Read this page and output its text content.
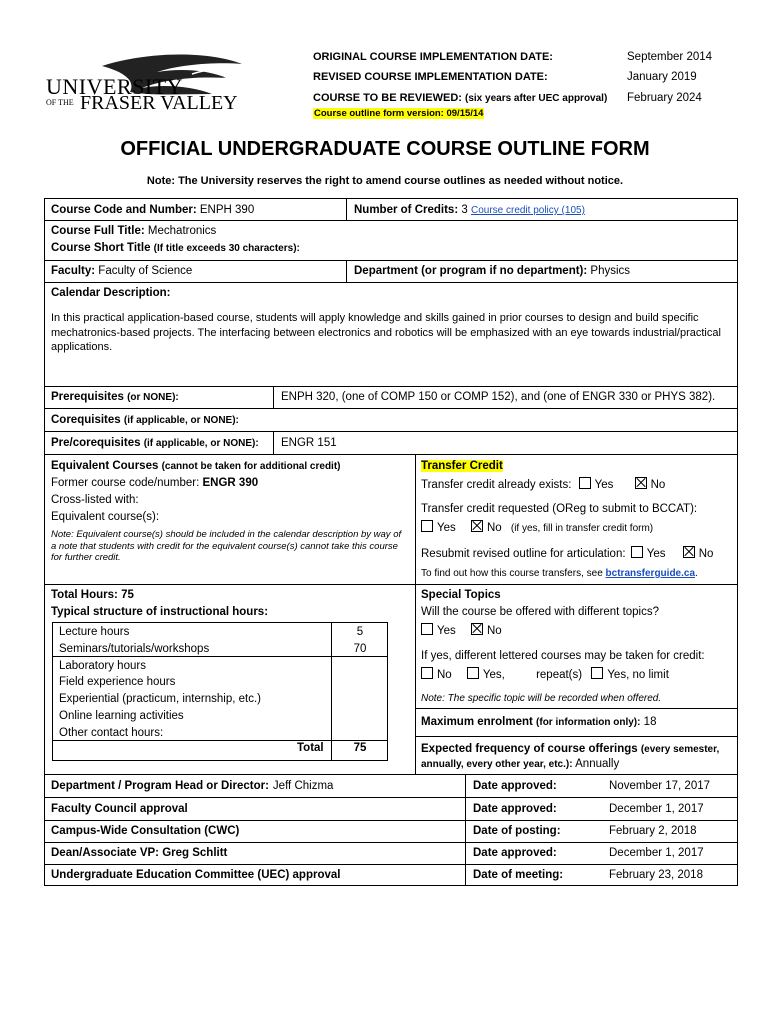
UNIVERSITY
OF THE FRASER VALLEY
ORIGINAL COURSE IMPLEMENTATION DATE:	September 2014
REVISED COURSE IMPLEMENTATION DATE:	January 2019
COURSE TO BE REVIEWED: (six years after UEC approval) February 2024
Course outline form version: 09/15/14
OFFICIAL UNDERGRADUATE COURSE OUTLINE FORM
Note: The University reserves the right to amend course outlines as needed without notice.
Course Code and Number: ENPH 390	Number of Credits: 3 Course credit policy (105)
Course Full Title: Mechatronics
Course Short Title (If title exceeds 30 characters):
Faculty: Faculty of Science	Department (or program if no department): Physics
Calendar Description:
In this practical application-based course, students will apply knowledge and skills gained in prior courses to design and build specific mechatronics-based projects. The interfacing between electronics and robotics will be emphasized with an eye towards industrial/practical applications.
Prerequisites (or NONE):	ENPH 320, (one of COMP 150 or COMP 152), and (one of ENGR 330 or PHYS 382).
Corequisites (if applicable, or NONE):
Pre/corequisites (if applicable, or NONE): ENGR 151
Equivalent Courses (cannot be taken for additional credit)
Former course code/number: ENGR 390
Cross-listed with:
Equivalent course(s):
Note: Equivalent course(s) should be included in the calendar description by way of a note that students with credit for the equivalent course(s) cannot take this course for further credit.
Transfer Credit
Transfer credit already exists: Yes	No
Transfer credit requested (OReg to submit to BCCAT):
Yes	No (if yes, fill in transfer credit form)
Resubmit revised outline for articulation: Yes	No
To find out how this course transfers, see bctransferguide.ca.
Total Hours: 75
Typical structure of instructional hours:
Lecture hours	5
Seminars/tutorials/workshops	70
Laboratory hours
Field experience hours
Experiential (practicum, internship, etc.)
Online learning activities
Other contact hours:
Total	75
Special Topics
Will the course be offered with different topics?
Yes	No
If yes, different lettered courses may be taken for credit:
No	Yes,	repeat(s) Yes, no limit
Note: The specific topic will be recorded when offered.
Maximum enrolment (for information only): 18
Expected frequency of course offerings (every semester, annually, every other year, etc.): Annually
Department / Program Head or Director: Jeff Chizma	Date approved:	November 17, 2017
Faculty Council approval	Date approved:	December 1, 2017
Campus-Wide Consultation (CWC)	Date of posting:	February 2, 2018
Dean/Associate VP: Greg Schlitt	Date approved:	December 1, 2017
Undergraduate Education Committee (UEC) approval	Date of meeting:	February 23, 2018
